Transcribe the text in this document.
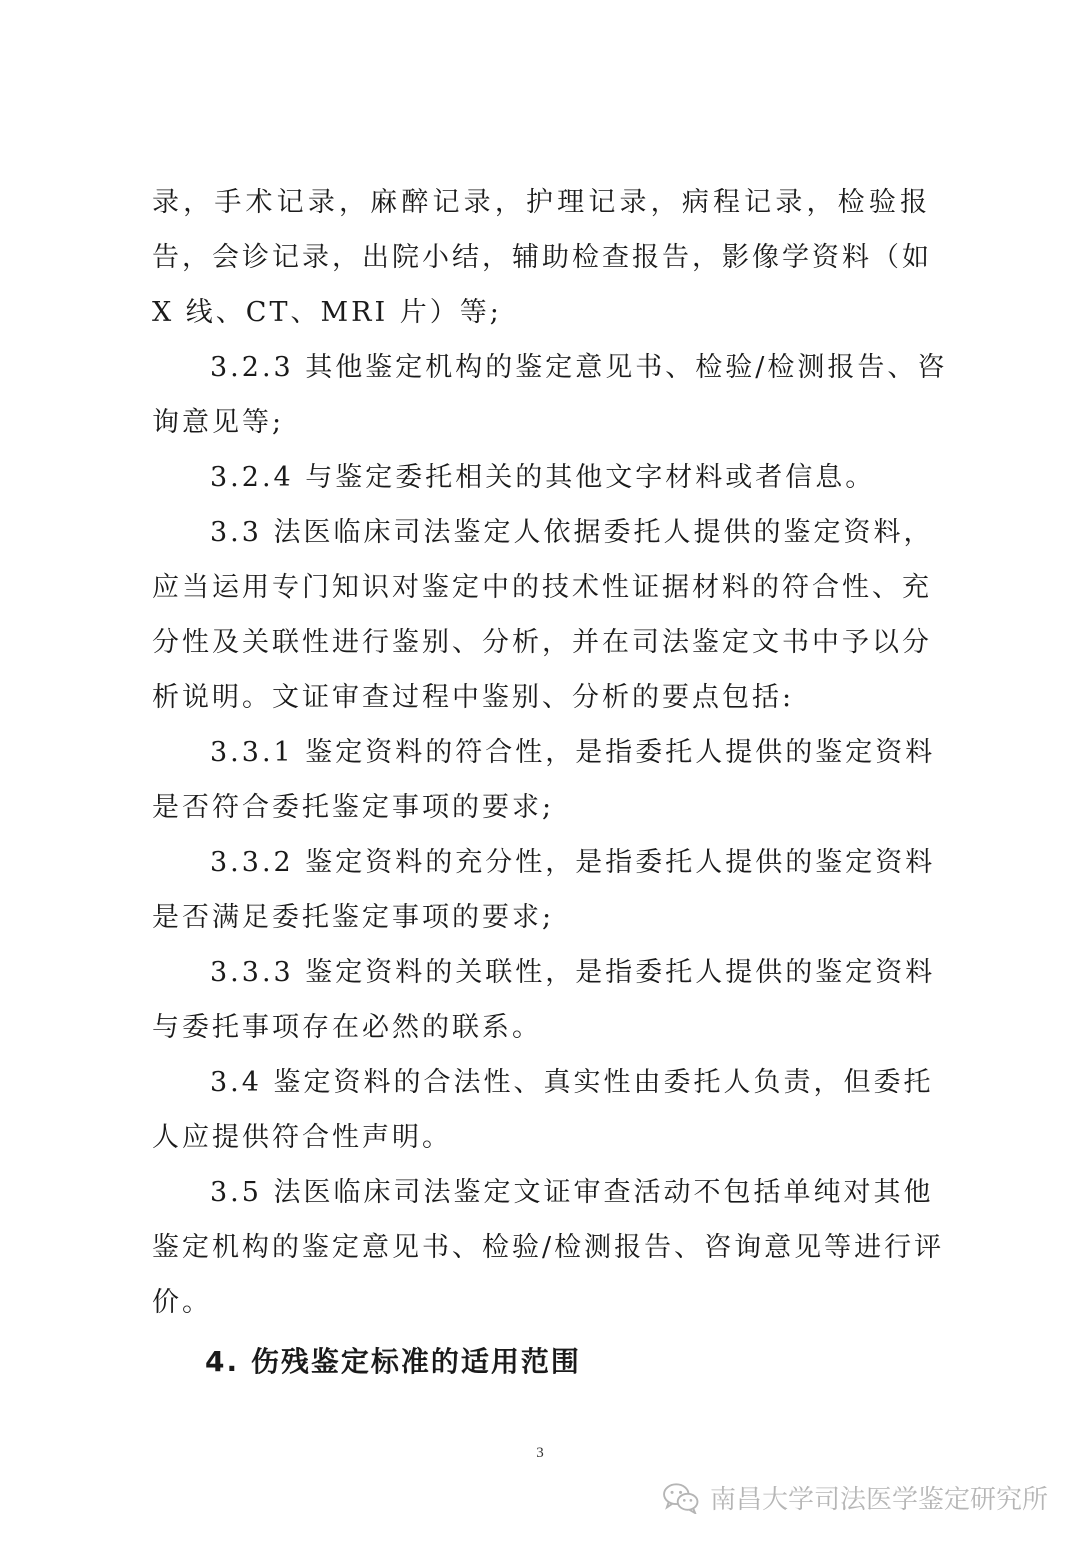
录，手术记录，麻醉记录，护理记录，病程记录，检验报
告，会诊记录，出院小结，辅助检查报告，影像学资料（如
X 线、CT、MRI 片）等;
3.2.3 其他鉴定机构的鉴定意见书、检验/检测报告、咨
询意见等;
3.2.4 与鉴定委托相关的其他文字材料或者信息。
3.3 法医临床司法鉴定人依据委托人提供的鉴定资料，
应当运用专门知识对鉴定中的技术性证据材料的符合性、充
分性及关联性进行鉴别、分析，并在司法鉴定文书中予以分
析说明。文证审查过程中鉴别、分析的要点包括:
3.3.1 鉴定资料的符合性，是指委托人提供的鉴定资料
是否符合委托鉴定事项的要求;
3.3.2 鉴定资料的充分性，是指委托人提供的鉴定资料
是否满足委托鉴定事项的要求;
3.3.3 鉴定资料的关联性，是指委托人提供的鉴定资料
与委托事项存在必然的联系。
3.4 鉴定资料的合法性、真实性由委托人负责，但委托
人应提供符合性声明。
3.5 法医临床司法鉴定文证审查活动不包括单纯对其他
鉴定机构的鉴定意见书、检验/检测报告、咨询意见等进行评
价。
4. 伤残鉴定标准的适用范围
3
南昌大学司法医学鉴定研究所
